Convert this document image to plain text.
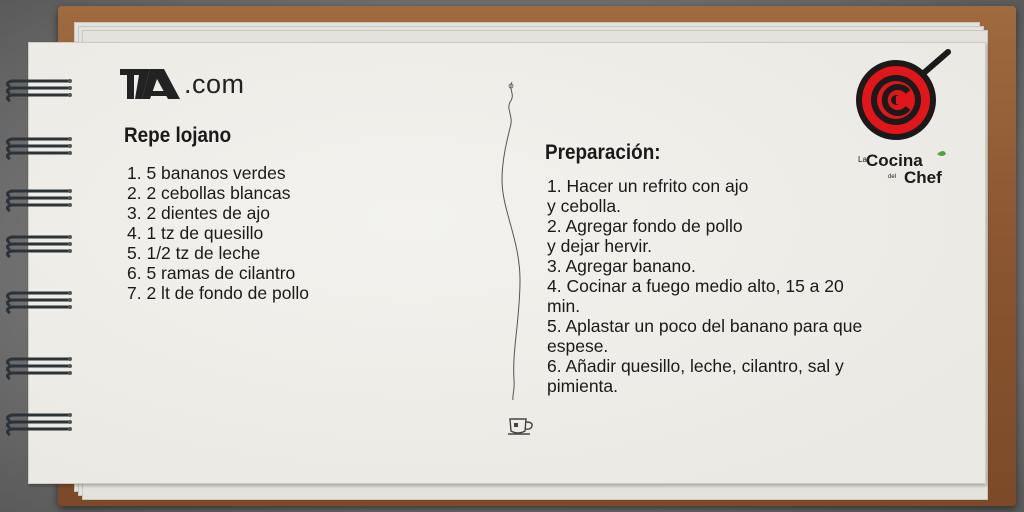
.com
Repe lojano
1. 5 bananos verdes
2. 2 cebollas blancas
3. 2 dientes de ajo
4. 1 tz de quesillo
5. 1/2 tz de leche
6. 5 ramas de cilantro
7. 2 lt de fondo de pollo
Preparación:
1. Hacer un refrito con ajo
y cebolla.
2. Agregar fondo de pollo
y dejar hervir.
3. Agregar banano.
4. Cocinar a fuego medio alto, 15 a 20
min.
5. Aplastar un poco del banano para que
espese.
6. Añadir quesillo, leche, cilantro, sal y
pimienta.
La Cocina
del Chef
